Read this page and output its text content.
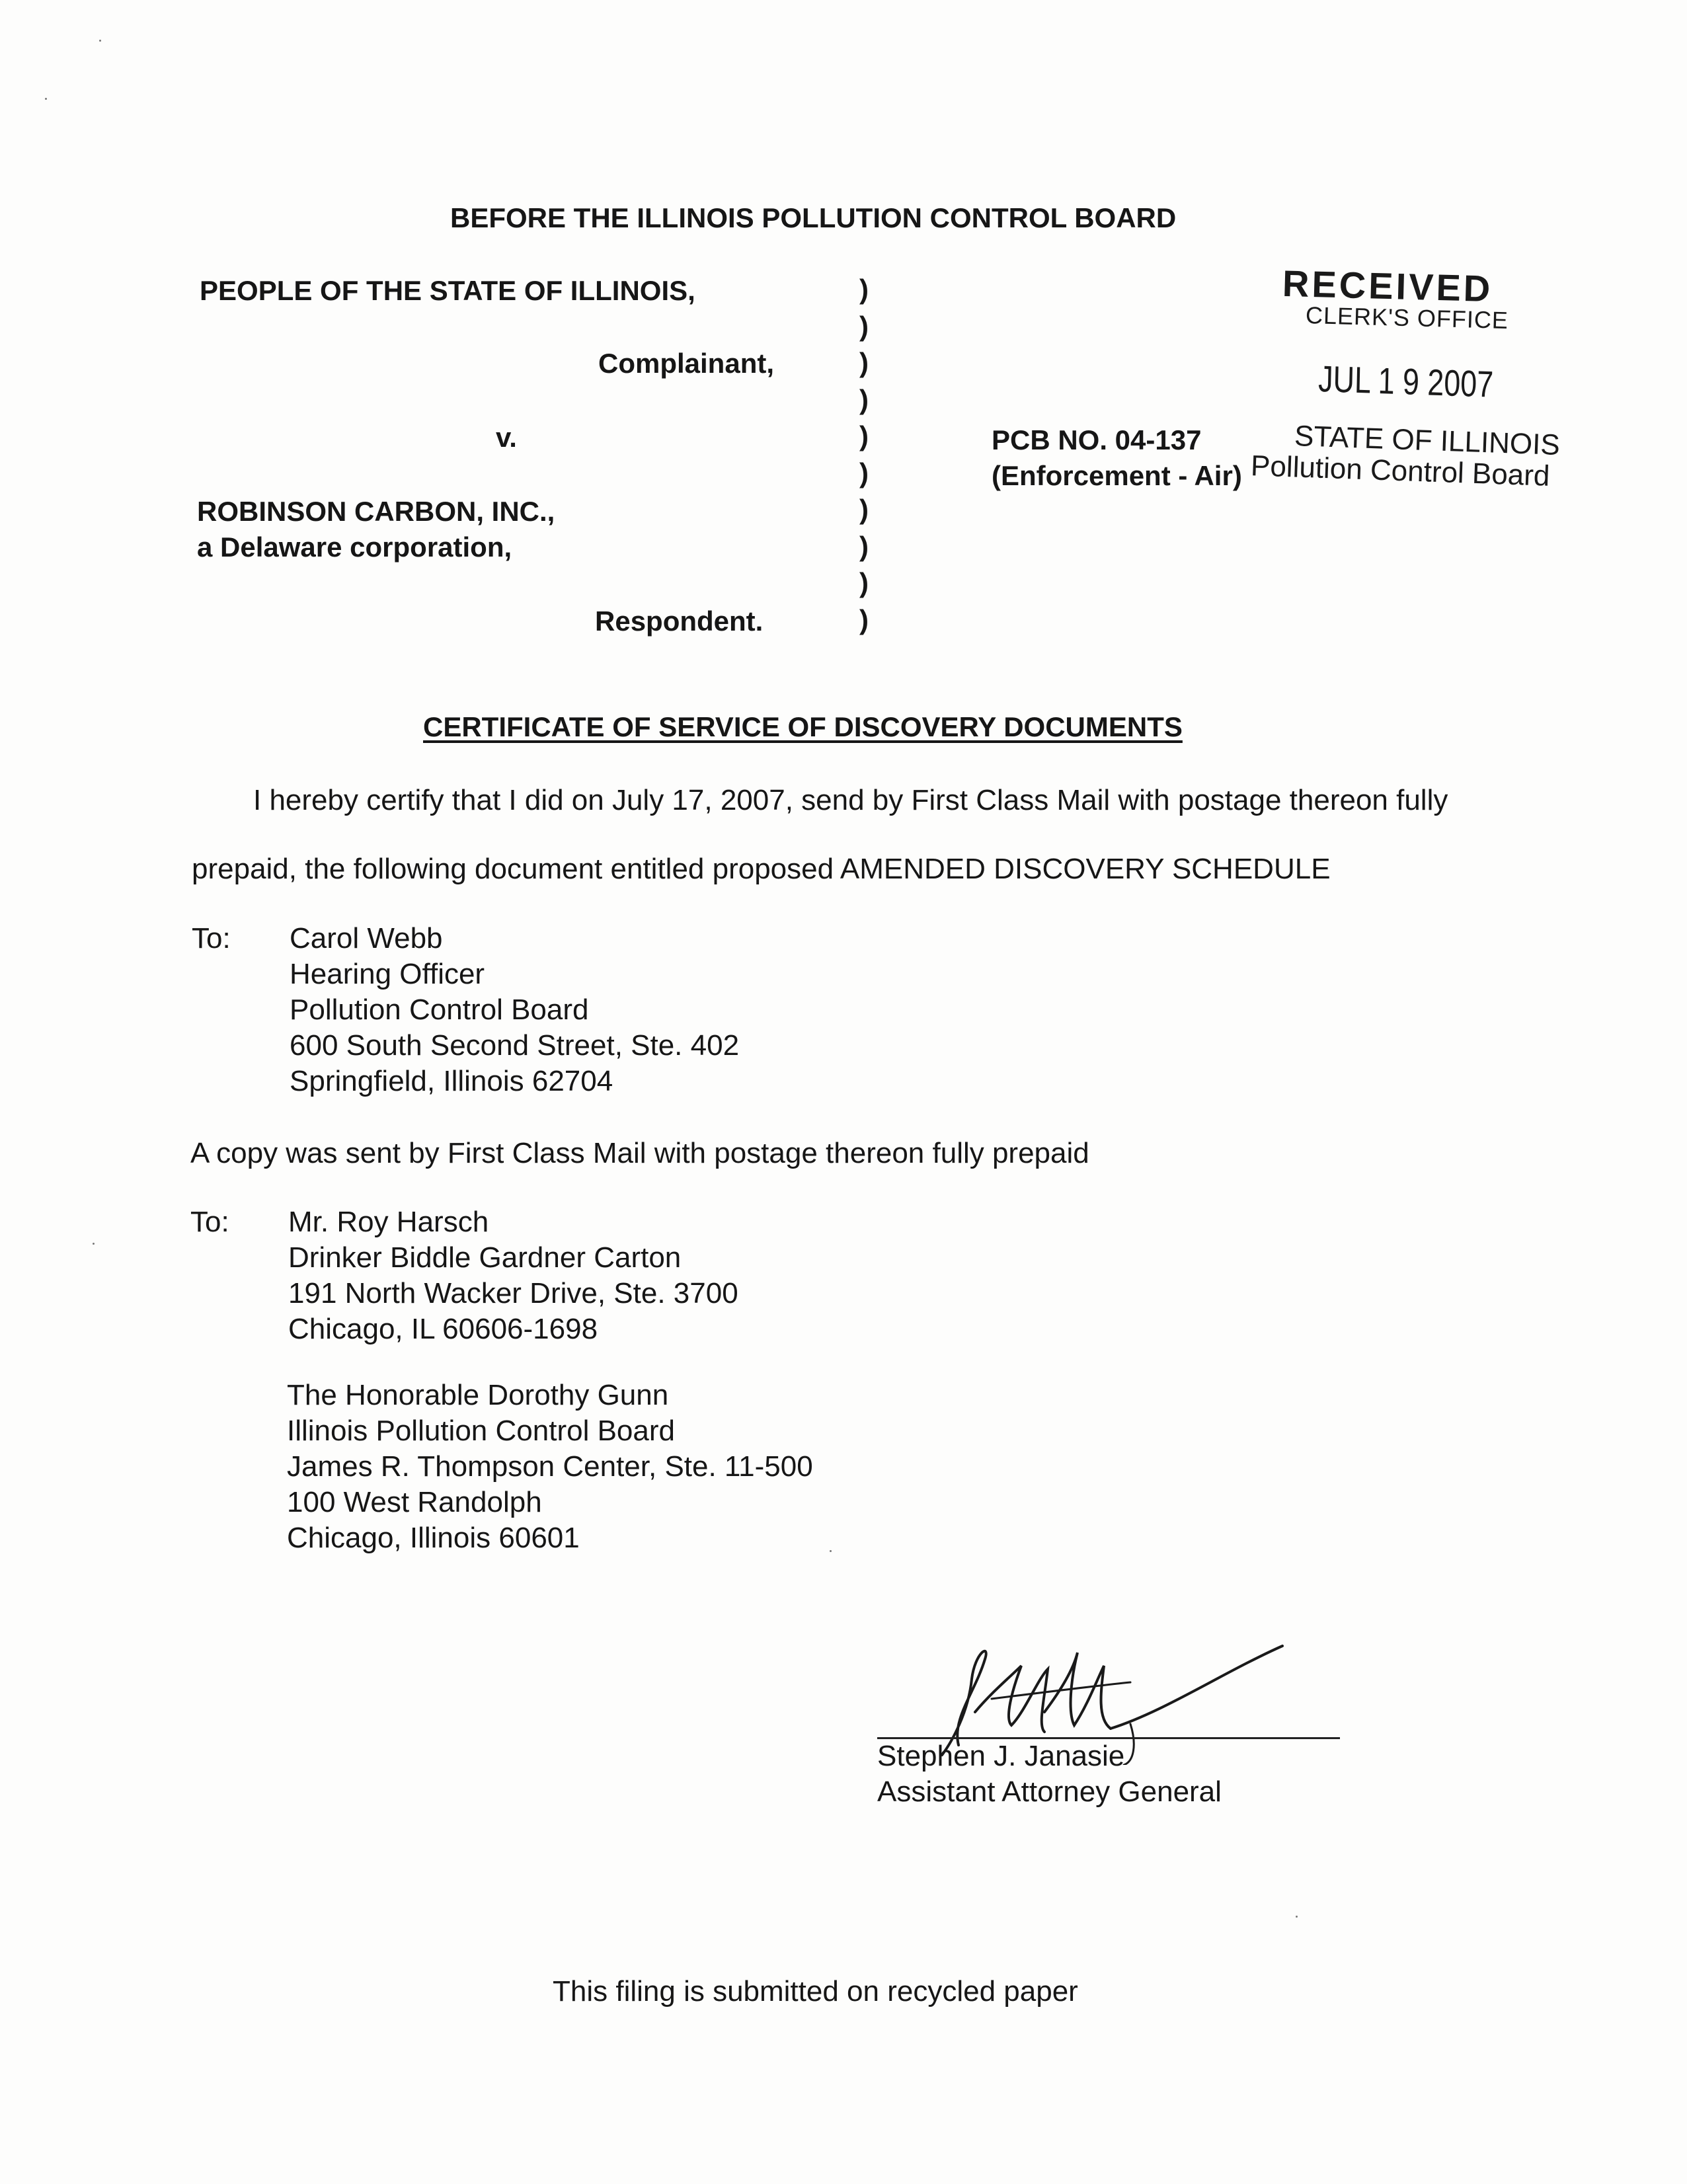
BEFORE THE ILLINOIS POLLUTION CONTROL BOARD
PEOPLE OF THE STATE OF ILLINOIS,
Complainant,
v.
ROBINSON CARBON, INC.,
a Delaware corporation,
Respondent.
)
)
)
)
)
)
)
)
)
)
PCB NO. 04-137
(Enforcement - Air)
RECEIVED
CLERK'S OFFICE
JUL 1 9 2007
STATE OF ILLINOIS
Pollution Control Board
CERTIFICATE OF SERVICE OF DISCOVERY DOCUMENTS
I hereby certify that I did on July 17, 2007, send by First Class Mail with postage thereon fully
prepaid, the following document entitled proposed AMENDED DISCOVERY SCHEDULE
To: Carol Webb
Hearing Officer
Pollution Control Board
600 South Second Street, Ste. 402
Springfield, Illinois 62704
A copy was sent by First Class Mail with postage thereon fully prepaid
To: Mr. Roy Harsch
Drinker Biddle Gardner Carton
191 North Wacker Drive, Ste. 3700
Chicago, IL 60606-1698
The Honorable Dorothy Gunn
Illinois Pollution Control Board
James R. Thompson Center, Ste. 11-500
100 West Randolph
Chicago, Illinois 60601
Stephen J. Janasie
Assistant Attorney General
This filing is submitted on recycled paper
